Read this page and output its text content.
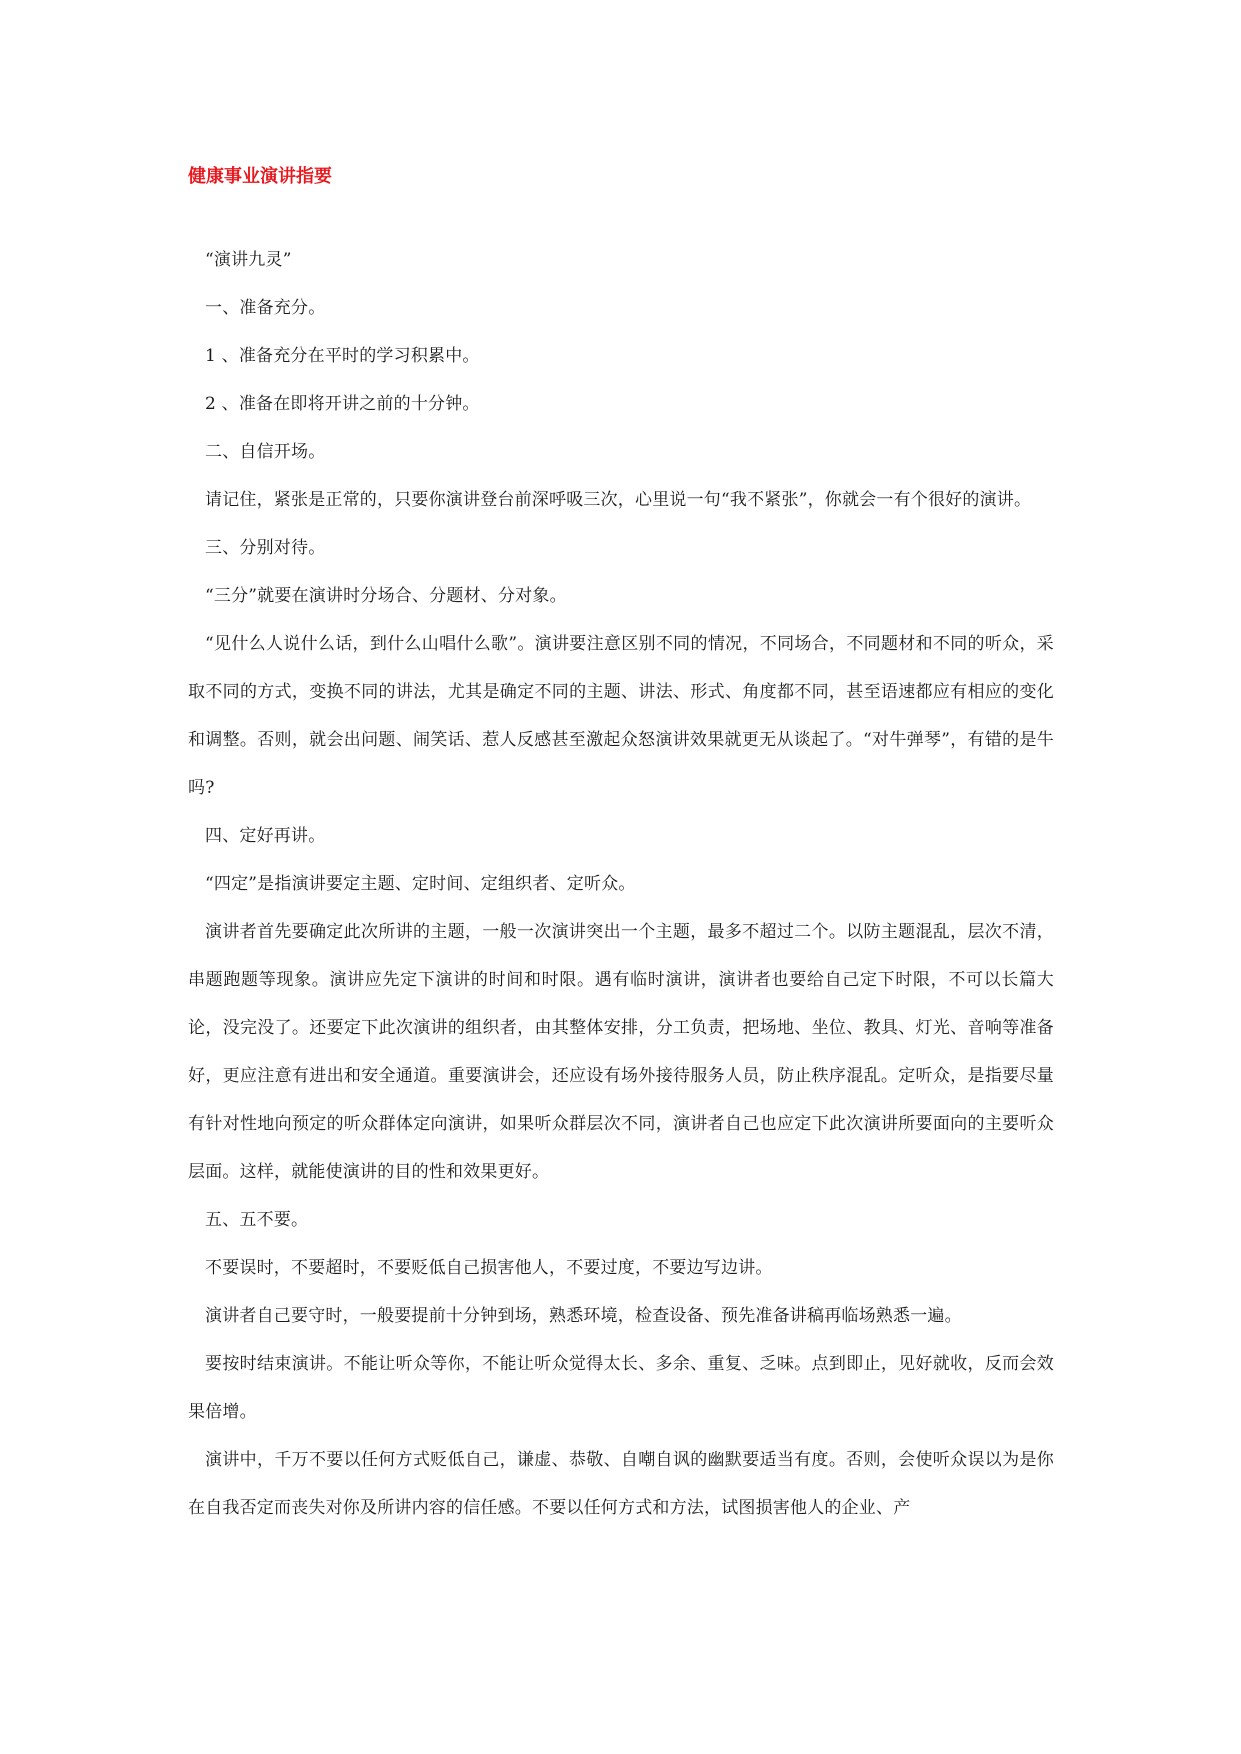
健康事业演讲指要

“演讲九灵”

一、准备充分。

1 、准备充分在平时的学习积累中。

2 、准备在即将开讲之前的十分钟。

二、自信开场。

请记住，紧张是正常的，只要你演讲登台前深呼吸三次，心里说一句“我不紧张”，你就会一有个很好的演讲。

三、分别对待。

“三分”就要在演讲时分场合、分题材、分对象。

“见什么人说什么话，到什么山唱什么歌”。演讲要注意区别不同的情况，不同场合，不同题材和不同的听众，采取不同的方式，变换不同的讲法，尤其是确定不同的主题、讲法、形式、角度都不同，甚至语速都应有相应的变化和调整。否则，就会出问题、闹笑话、惹人反感甚至激起众怒演讲效果就更无从谈起了。“对牛弹琴”，有错的是牛吗?

四、定好再讲。

“四定”是指演讲要定主题、定时间、定组织者、定听众。

演讲者首先要确定此次所讲的主题，一般一次演讲突出一个主题，最多不超过二个。以防主题混乱，层次不清，串题跑题等现象。演讲应先定下演讲的时间和时限。遇有临时演讲，演讲者也要给自己定下时限，不可以长篇大论，没完没了。还要定下此次演讲的组织者，由其整体安排，分工负责，把场地、坐位、教具、灯光、音响等准备好，更应注意有进出和安全通道。重要演讲会，还应设有场外接待服务人员，防止秩序混乱。定听众，是指要尽量有针对性地向预定的听众群体定向演讲，如果听众群层次不同，演讲者自己也应定下此次演讲所要面向的主要听众层面。这样，就能使演讲的目的性和效果更好。

五、五不要。

不要误时，不要超时，不要贬低自己损害他人，不要过度，不要边写边讲。

演讲者自己要守时，一般要提前十分钟到场，熟悉环境，检查设备、预先准备讲稿再临场熟悉一遍。

要按时结束演讲。不能让听众等你，不能让听众觉得太长、多余、重复、乏味。点到即止，见好就收，反而会效果倍增。

演讲中，千万不要以任何方式贬低自己，谦虚、恭敬、自嘲自讽的幽默要适当有度。否则，会使听众误以为是你在自我否定而丧失对你及所讲内容的信任感。不要以任何方式和方法，试图损害他人的企业、产
